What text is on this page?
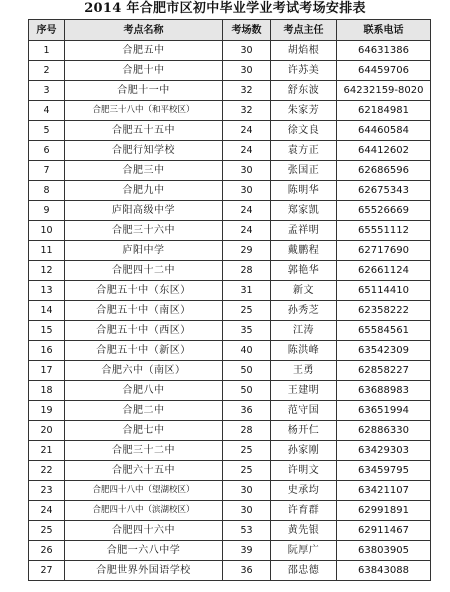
2014 年合肥市区初中毕业学业考试考场安排表
序号	考点名称	考场数	考点主任	联系电话
1	合肥五中	30	胡焰根	64631386
2	合肥十中	30	许苏美	64459706
3	合肥十一中	32	舒东波	64232159-8020
4	合肥三十八中（和平校区）	32	朱家芳	62184981
5	合肥五十五中	24	徐文良	64460584
6	合肥行知学校	24	袁方正	64412602
7	合肥三中	30	张国正	62686596
8	合肥九中	30	陈明华	62675343
9	庐阳高级中学	24	郑家凯	65526669
10	合肥三十六中	24	孟祥明	65551112
11	庐阳中学	29	戴鹏程	62717690
12	合肥四十二中	28	郭艳华	62661124
13	合肥五十中（东区）	31	新文	65114410
14	合肥五十中（南区）	25	孙秀芝	62358222
15	合肥五十中（西区）	35	江涛	65584561
16	合肥五十中（新区）	40	陈洪峰	63542309
17	合肥六中（南区）	50	王勇	62858227
18	合肥八中	50	王建明	63688983
19	合肥二中	36	范守国	63651994
20	合肥七中	28	杨开仁	62886330
21	合肥三十二中	25	孙家刚	63429303
22	合肥六十五中	25	许明文	63459795
23	合肥四十八中（望湖校区）	30	史承均	63421107
24	合肥四十八中（滨湖校区）	30	许育群	62991891
25	合肥四十六中	53	黄先银	62911467
26	合肥一六八中学	39	阮厚广	63803905
27	合肥世界外国语学校	36	邵忠德	63843088
